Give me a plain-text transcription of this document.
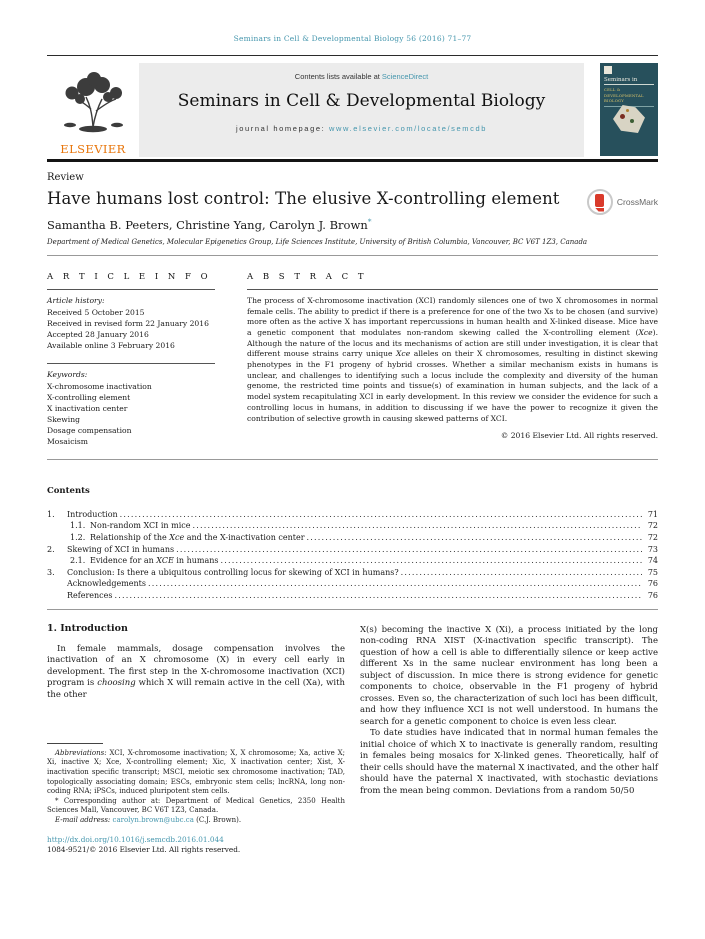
Seminars in Cell & Developmental Biology 56 (2016) 71–77
ELSEVIER
Contents lists available at ScienceDirect
Seminars in Cell & Developmental Biology
journal homepage: www.elsevier.com/locate/semcdb
Seminars in
CELL & DEVELOPMENTAL BIOLOGY
Review
Have humans lost control: The elusive X-controlling element	CrossMark
Samantha B. Peeters, Christine Yang, Carolyn J. Brown*
Department of Medical Genetics, Molecular Epigenetics Group, Life Sciences Institute, University of British Columbia, Vancouver, BC V6T 1Z3, Canada
A R T I C L E I N F O
Article history:
Received 5 October 2015
Received in revised form 22 January 2016
Accepted 28 January 2016
Available online 3 February 2016
Keywords:
X-chromosome inactivation
X-controlling element
X inactivation center
Skewing
Dosage compensation
Mosaicism
A B S T R A C T
The process of X-chromosome inactivation (XCI) randomly silences one of two X chromosomes in normal female cells. The ability to predict if there is a preference for one of the two Xs to be chosen (and survive) more often as the active X has important repercussions in human health and X-linked disease. Mice have a genetic component that modulates non-random skewing called the X-controlling element (Xce). Although the nature of the locus and its mechanisms of action are still under investigation, it is clear that different mouse strains carry unique Xce alleles on their X chromosomes, resulting in distinct skewing phenotypes in the F1 progeny of hybrid crosses. Whether a similar mechanism exists in humans is unclear, and challenges to identifying such a locus include the complexity and diversity of the human genome, the restricted time points and tissue(s) of examination in human subjects, and the lack of a model system recapitulating XCI in early development. In this review we consider the evidence for such a controlling locus in humans, in addition to discussing if we have the power to recognize it given the contribution of selective growth in causing skewed patterns of XCI.
© 2016 Elsevier Ltd. All rights reserved.
Contents
1.	Introduction .....	71
1.1. Non-random XCI in mice .....	72
1.2. Relationship of the Xce and the X-inactivation center .....	72
2.	Skewing of XCI in humans .....	73
2.1. Evidence for an XCE in humans .....	74
3.	Conclusion: Is there a ubiquitous controlling locus for skewing of XCI in humans? .....	75
Acknowledgements .....	76
References .....	76
1. Introduction

In female mammals, dosage compensation involves the inactivation of an X chromosome (X) in every cell early in development. The first step in the X-chromosome inactivation (XCI) program is choosing which X will remain active in the cell (Xa), with the other

Abbreviations: XCI, X-chromosome inactivation; X, X chromosome; Xa, active X; Xi, inactive X; Xce, X-controlling element; Xic, X inactivation center; Xist, X-inactivation specific transcript; MSCI, meiotic sex chromosome inactivation; TAD, topologically associating domain; ESCs, embryonic stem cells; lncRNA, long non-coding RNA; iPSCs, induced pluripotent stem cells.

* Corresponding author at: Department of Medical Genetics, 2350 Health Sciences Mall, Vancouver, BC V6T 1Z3, Canada.

E-mail address: carolyn.brown@ubc.ca (C.J. Brown).

http://dx.doi.org/10.1016/j.semcdb.2016.01.044
1084-9521/© 2016 Elsevier Ltd. All rights reserved.

X(s) becoming the inactive X (Xi), a process initiated by the long non-coding RNA XIST (X-inactivation specific transcript). The question of how a cell is able to differentially silence or keep active different Xs in the same nuclear environment has long been a subject of discussion. In mice there is strong evidence for genetic components to choice, observable in the F1 progeny of hybrid crosses. Even so, the characterization of such loci has been difficult, and how they influence XCI is not well understood. In humans the search for a genetic component to choice is even less clear.

To date studies have indicated that in normal human females the initial choice of which X to inactivate is generally random, resulting in females being mosaics for X-linked genes. Theoretically, half of their cells should have the maternal X inactivated, and the other half should have the paternal X inactivated, with stochastic deviations from the mean being common. Deviations from a random 50/50
